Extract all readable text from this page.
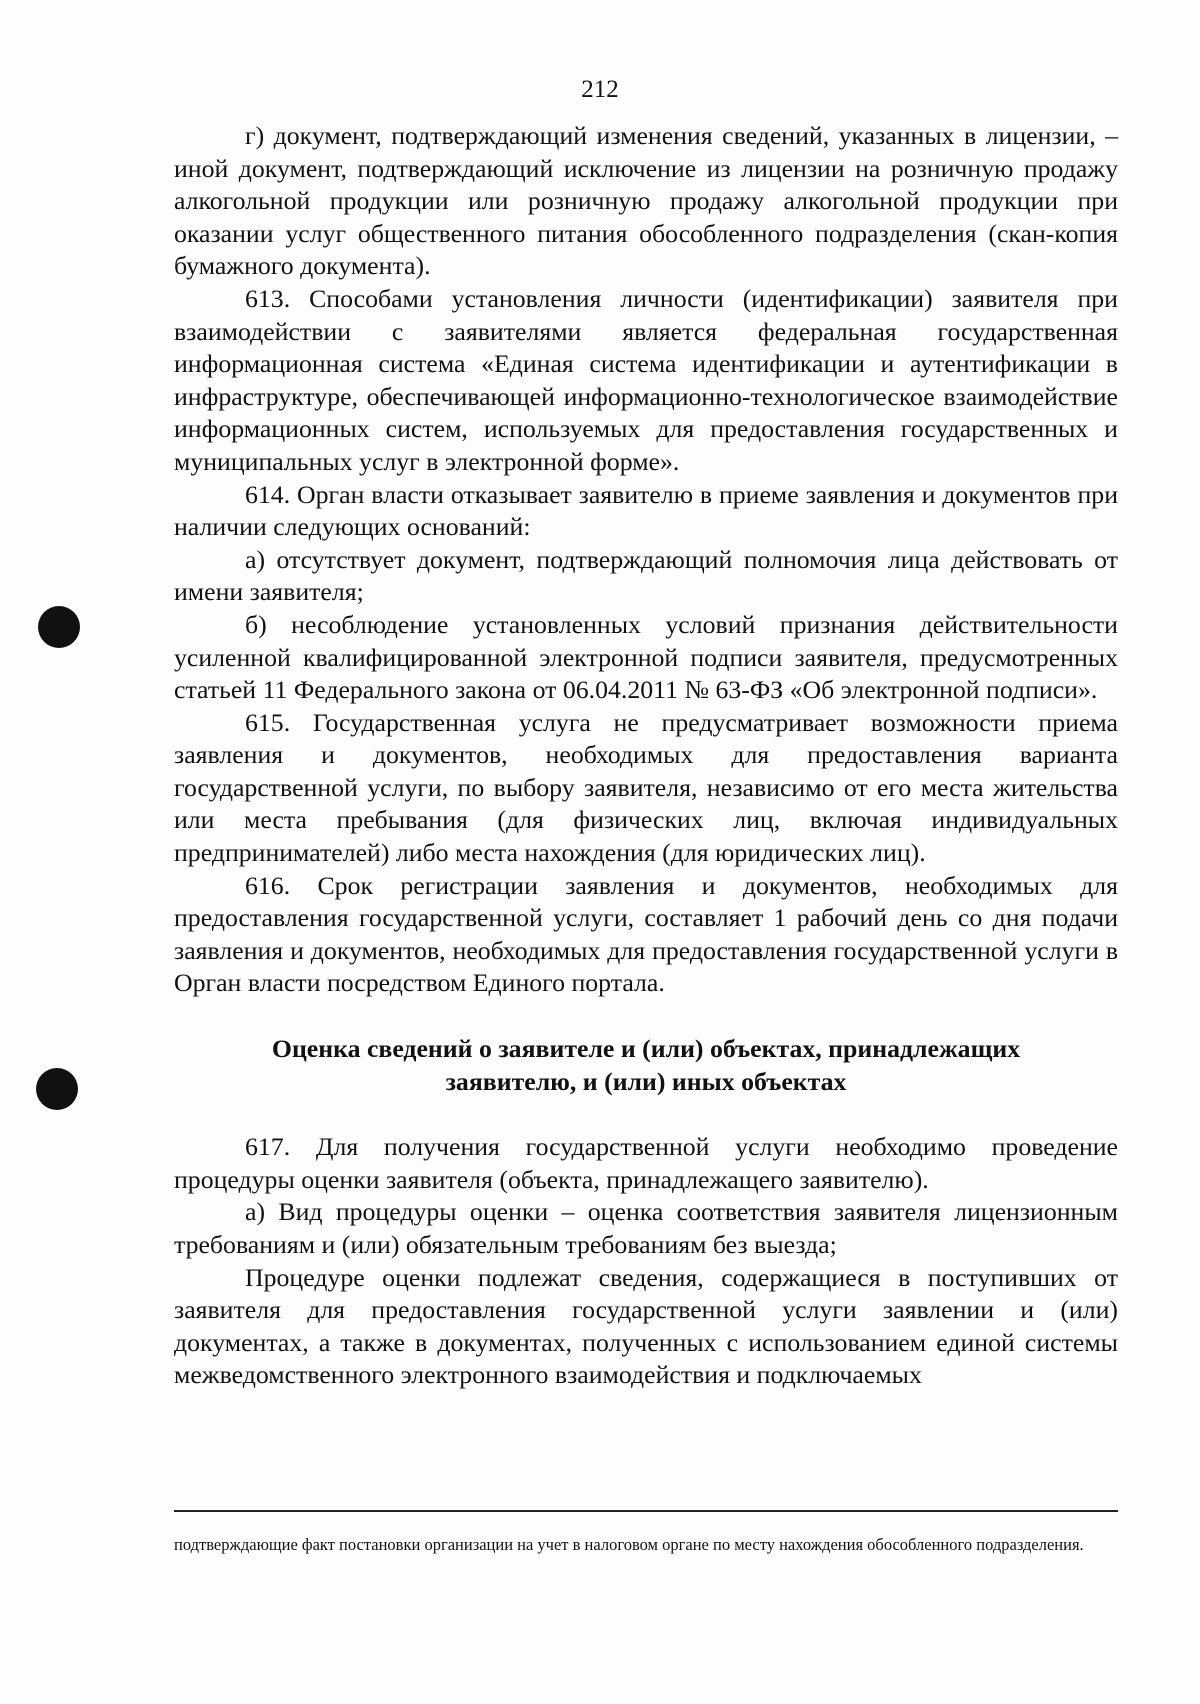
212

г) документ, подтверждающий изменения сведений, указанных в лицензии, – иной документ, подтверждающий исключение из лицензии на розничную продажу алкогольной продукции или розничную продажу алкогольной продукции при оказании услуг общественного питания обособленного подразделения (скан-копия бумажного документа).

613. Способами установления личности (идентификации) заявителя при взаимодействии с заявителями является федеральная государственная информационная система «Единая система идентификации и аутентификации в инфраструктуре, обеспечивающей информационно-технологическое взаимодействие информационных систем, используемых для предоставления государственных и муниципальных услуг в электронной форме».

614. Орган власти отказывает заявителю в приеме заявления и документов при наличии следующих оснований:

а) отсутствует документ, подтверждающий полномочия лица действовать от имени заявителя;

б) несоблюдение установленных условий признания действительности усиленной квалифицированной электронной подписи заявителя, предусмотренных статьей 11 Федерального закона от 06.04.2011 № 63-ФЗ «Об электронной подписи».

615. Государственная услуга не предусматривает возможности приема заявления и документов, необходимых для предоставления варианта государственной услуги, по выбору заявителя, независимо от его места жительства или места пребывания (для физических лиц, включая индивидуальных предпринимателей) либо места нахождения (для юридических лиц).

616. Срок регистрации заявления и документов, необходимых для предоставления государственной услуги, составляет 1 рабочий день со дня подачи заявления и документов, необходимых для предоставления государственной услуги в Орган власти посредством Единого портала.

Оценка сведений о заявителе и (или) объектах, принадлежащих
заявителю, и (или) иных объектах

617. Для получения государственной услуги необходимо проведение процедуры оценки заявителя (объекта, принадлежащего заявителю).

а) Вид процедуры оценки – оценка соответствия заявителя лицензионным требованиям и (или) обязательным требованиям без выезда;

Процедуре оценки подлежат сведения, содержащиеся в поступивших от заявителя для предоставления государственной услуги заявлении и (или) документах, а также в документах, полученных с использованием единой системы межведомственного электронного взаимодействия и подключаемых

подтверждающие факт постановки организации на учет в налоговом органе по месту нахождения обособленного подразделения.
